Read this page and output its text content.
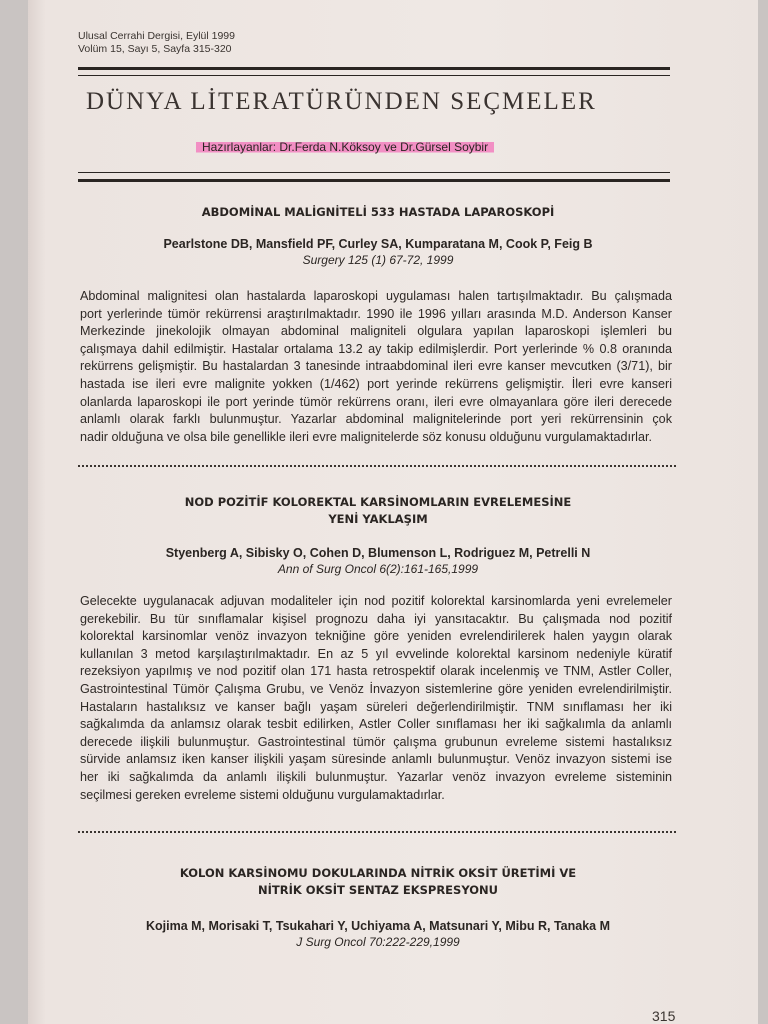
Ulusal Cerrahi Dergisi, Eylül 1999
Volüm 15, Sayı 5, Sayfa 315-320
DÜNYA LİTERATÜRÜNDEN SEÇMELER
Hazırlayanlar: Dr.Ferda N.Köksoy ve Dr.Gürsel Soybir
ABDOMİNAL MALİGNİTELİ 533 HASTADA LAPAROSKOPİ
Pearlstone DB, Mansfield PF, Curley SA, Kumparatana M, Cook P, Feig B
Surgery 125 (1) 67-72, 1999
Abdominal malignitesi olan hastalarda laparoskopi uygulaması halen tartışılmaktadır. Bu çalışmada
port yerlerinde tümör rekürrensi araştırılmaktadır. 1990 ile 1996 yılları arasında M.D. Anderson Kanser
Merkezinde jinekolojik olmayan abdominal maligniteli olgulara yapılan laparoskopi işlemleri bu
çalışmaya dahil edilmiştir. Hastalar ortalama 13.2 ay takip edilmişlerdir. Port yerlerinde % 0.8 oranında
rekürrens gelişmiştir. Bu hastalardan 3 tanesinde intraabdominal ileri evre kanser mevcutken (3/71), bir
hastada ise ileri evre malignite yokken (1/462) port yerinde rekürrens gelişmiştir. İleri evre kanseri
olanlarda laparoskopi ile port yerinde tümör rekürrens oranı, ileri evre olmayanlara göre ileri derecede
anlamlı olarak farklı bulunmuştur. Yazarlar abdominal malignitelerinde port yeri rekürrensinin çok
nadir olduğuna ve olsa bile genellikle ileri evre malignitelerde söz konusu olduğunu vurgulamaktadırlar.
NOD POZİTİF KOLOREKTAL KARSİNOMLARIN EVRELEMESİNE
YENİ YAKLAŞIM
Styenberg A, Sibisky O, Cohen D, Blumenson L, Rodriguez M, Petrelli N
Ann of Surg Oncol 6(2):161-165,1999
Gelecekte uygulanacak adjuvan modaliteler için nod pozitif kolorektal karsinomlarda yeni evrelemeler
gerekebilir. Bu tür sınıflamalar kişisel prognozu daha iyi yansıtacaktır. Bu çalışmada nod pozitif
kolorektal karsinomlar venöz invazyon tekniğine göre yeniden evrelendirilerek halen yaygın olarak
kullanılan 3 metod karşılaştırılmaktadır. En az 5 yıl evvelinde kolorektal karsinom nedeniyle küratif
rezeksiyon yapılmış ve nod pozitif olan 171 hasta retrospektif olarak incelenmiş ve TNM, Astler Coller,
Gastrointestinal Tümör Çalışma Grubu, ve Venöz İnvazyon sistemlerine göre yeniden evrelendirilmiştir.
Hastaların hastalıksız ve kanser bağlı yaşam süreleri değerlendirilmiştir. TNM sınıflaması her iki
sağkalımda da anlamsız olarak tesbit edilirken, Astler Coller sınıflaması her iki sağkalımla da anlamlı
derecede ilişkili bulunmuştur. Gastrointestinal tümör çalışma grubunun evreleme sistemi hastalıksız
sürvide anlamsız iken kanser ilişkili yaşam süresinde anlamlı bulunmuştur. Venöz invazyon sistemi ise
her iki sağkalımda da anlamlı ilişkili bulunmuştur. Yazarlar venöz invazyon evreleme sisteminin
seçilmesi gereken evreleme sistemi olduğunu vurgulamaktadırlar.
KOLON KARSİNOMU DOKULARINDA NİTRİK OKSİT ÜRETİMİ VE
NİTRİK OKSİT SENTAZ EKSPRESYONU
Kojima M, Morisaki T, Tsukahari Y, Uchiyama A, Matsunari Y, Mibu R, Tanaka M
J Surg Oncol 70:222-229,1999
315
